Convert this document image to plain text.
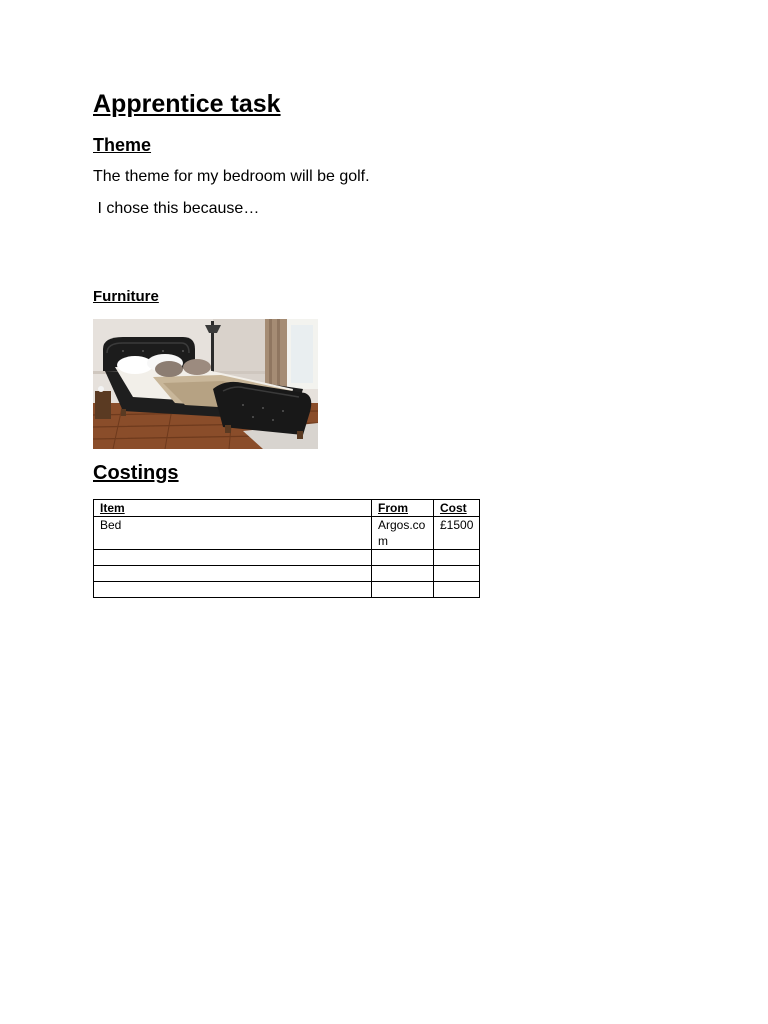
Apprentice task
Theme

The theme for my bedroom will be golf.

I chose this because…

Furniture
Costings
Item	From	Cost
Bed	Argos.com	£1500
